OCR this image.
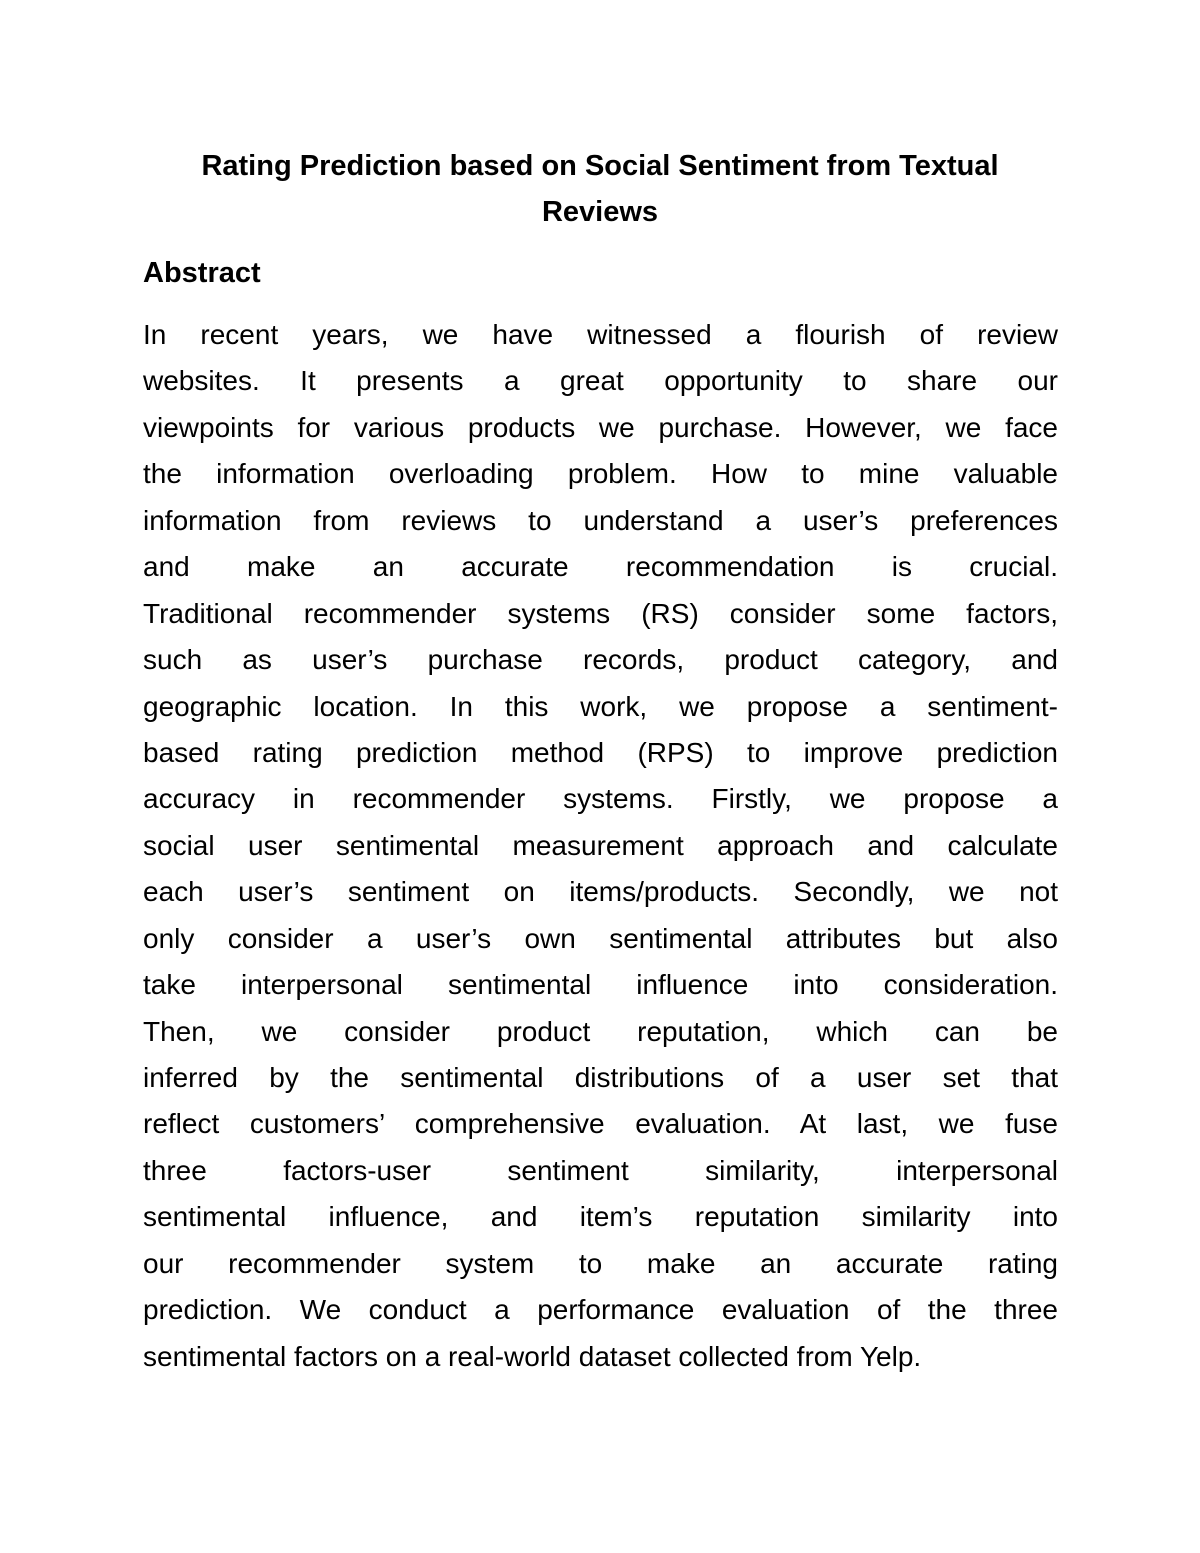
Rating Prediction based on Social Sentiment from Textual
Reviews
Abstract
In recent years, we have witnessed a flourish of review
websites. It presents a great opportunity to share our
viewpoints for various products we purchase. However, we face
the information overloading problem. How to mine valuable
information from reviews to understand a user’s preferences
and make an accurate recommendation is crucial.
Traditional recommender systems (RS) consider some factors,
such as user’s purchase records, product category, and
geographic location. In this work, we propose a sentiment-
based rating prediction method (RPS) to improve prediction
accuracy in recommender systems. Firstly, we propose a
social user sentimental measurement approach and calculate
each user’s sentiment on items/products. Secondly, we not
only consider a user’s own sentimental attributes but also
take interpersonal sentimental influence into consideration.
Then, we consider product reputation, which can be
inferred by the sentimental distributions of a user set that
reflect customers’ comprehensive evaluation. At last, we fuse
three factors-user sentiment similarity, interpersonal
sentimental influence, and item’s reputation similarity into
our recommender system to make an accurate rating
prediction. We conduct a performance evaluation of the three
sentimental factors on a real-world dataset collected from Yelp.
